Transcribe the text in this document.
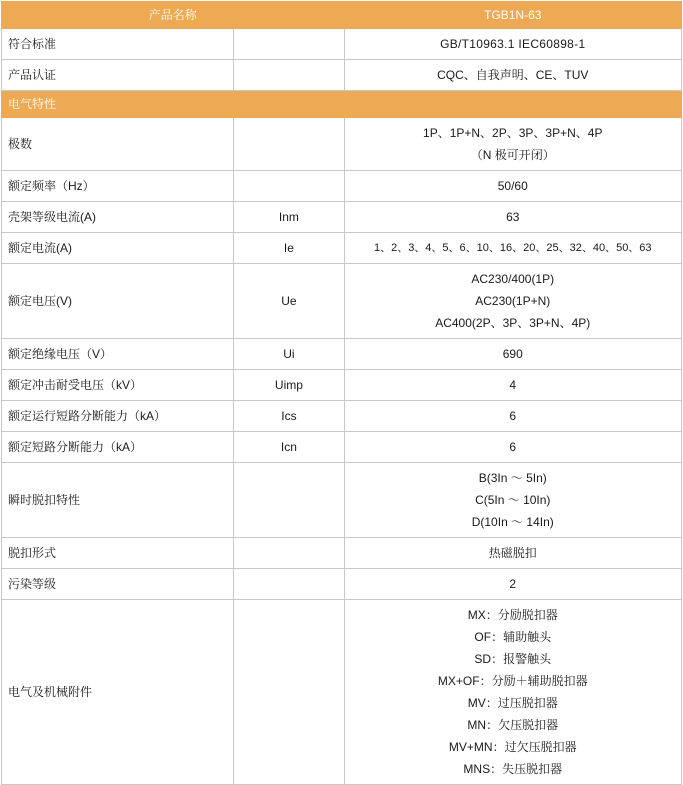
产品名称		TGB1N-63
符合标准		GB/T10963.1 IEC60898-1

产品认证		CQC、自我声明、CE、TUV

电气特性		
极数		1P、1P+N、2P、3P、3P+N、4P
（N 极可开闭）

额定频率（Hz）		50/60

壳架等级电流(A)	Inm	63

额定电流(A)	Ie	1、2、3、4、5、6、10、16、20、25、32、40、50、63

额定电压(V)	Ue	AC230/400(1P)
AC230(1P+N)
AC400(2P、3P、3P+N、4P)

额定绝缘电压（V）	Ui	690

额定冲击耐受电压（kV）	Uimp	4

额定运行短路分断能力（kA）	Ics	6

额定短路分断能力（kA）	Icn	6

瞬时脱扣特性		B(3In ～ 5In)
C(5In ～ 10In)
D(10In ～ 14In)

脱扣形式		热磁脱扣

污染等级		2

电气及机械附件		
MX：分励脱扣器
OF：辅助触头
SD：报警触头
MX+OF：分励＋辅助脱扣器
MV：过压脱扣器
MN：欠压脱扣器
MV+MN：过欠压脱扣器
MNS：失压脱扣器
